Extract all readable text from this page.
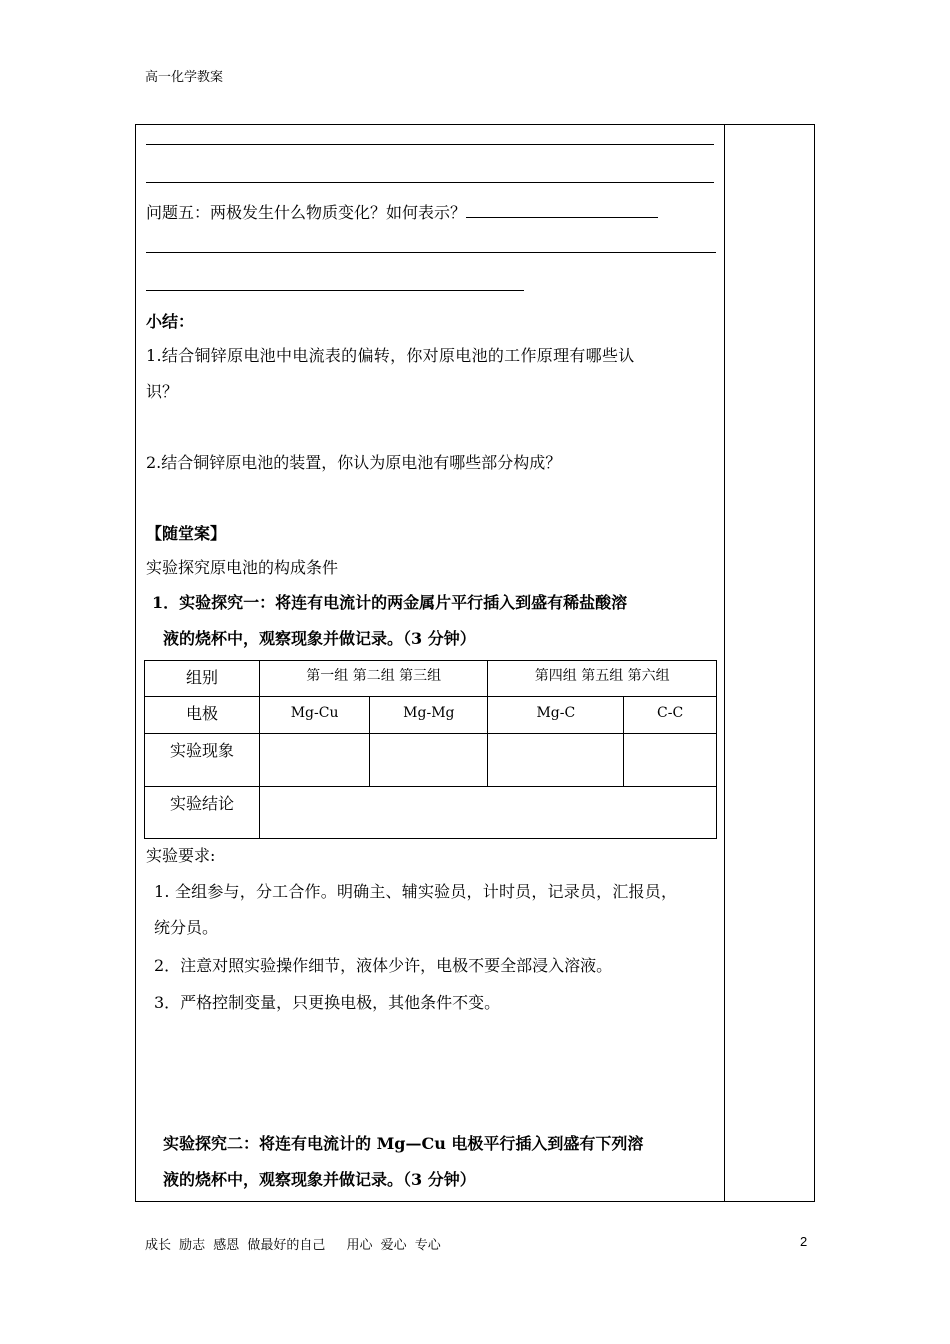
高一化学教案
问题五：两极发生什么物质变化？如何表示？
小结：
1.结合铜锌原电池中电流表的偏转，你对原电池的工作原理有哪些认
识？
2.结合铜锌原电池的装置，你认为原电池有哪些部分构成？
【随堂案】
实验探究原电池的构成条件
1．实验探究一：将连有电流计的两金属片平行插入到盛有稀盐酸溶
液的烧杯中，观察现象并做记录。（3 分钟）
组别	第一组 第二组 第三组		第四组 第五组 第六组	
电极	Mg-Cu	Mg-Mg	Mg-C	C-C
实验现象				
实验结论				
实验要求:
1. 全组参与，分工合作。明确主、辅实验员，计时员，记录员，汇报员，
统分员。
2．注意对照实验操作细节，液体少许，电极不要全部浸入溶液。
3．严格控制变量，只更换电极，其他条件不变。
实验探究二：将连有电流计的 Mg—Cu 电极平行插入到盛有下列溶
液的烧杯中，观察现象并做记录。（3 分钟）
成长 励志 感恩 做最好的自己 　用心 爱心 专心	2
